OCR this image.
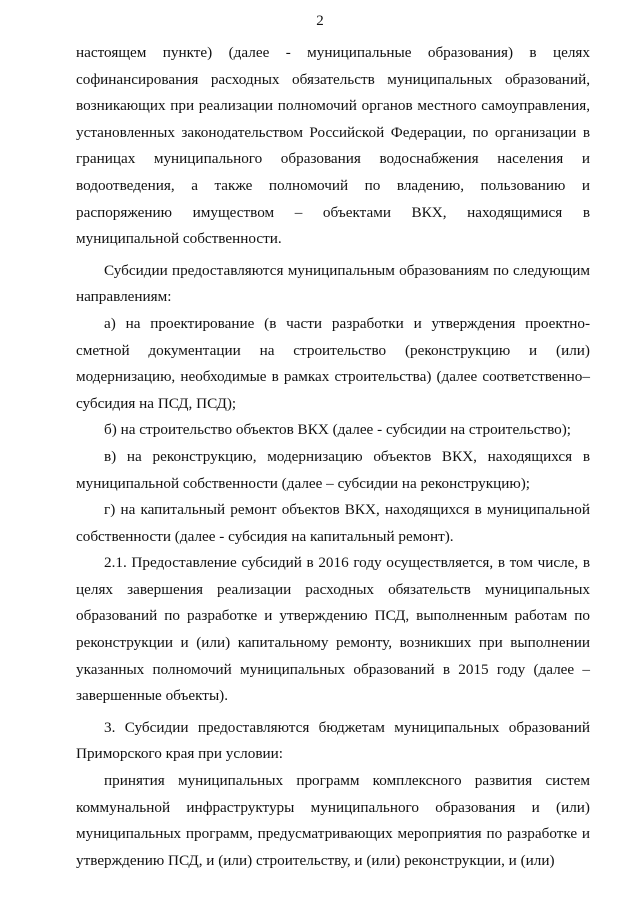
2

настоящем пункте) (далее - муниципальные образования) в целях софинансирования расходных обязательств муниципальных образований, возникающих при реализации полномочий органов местного самоуправления, установленных законодательством Российской Федерации, по организации в границах муниципального образования водоснабжения населения и водоотведения, а также полномочий по владению, пользованию и распоряжению имуществом – объектами ВКХ, находящимися в муниципальной собственности.

Субсидии предоставляются муниципальным образованиям по следующим направлениям:

а) на проектирование (в части разработки и утверждения проектно-сметной документации на строительство (реконструкцию и (или) модернизацию, необходимые в рамках строительства) (далее соответственно– субсидия на ПСД, ПСД);

б) на строительство объектов ВКХ (далее - субсидии на строительство);

в) на реконструкцию, модернизацию объектов ВКХ, находящихся в муниципальной собственности (далее – субсидии на реконструкцию);

г) на капитальный ремонт объектов ВКХ, находящихся в муниципальной собственности (далее - субсидия на капитальный ремонт).

2.1. Предоставление субсидий в 2016 году осуществляется, в том числе, в целях завершения реализации расходных обязательств муниципальных образований по разработке и утверждению ПСД, выполненным работам по реконструкции и (или) капитальному ремонту, возникших при выполнении указанных полномочий муниципальных образований в 2015 году (далее – завершенные объекты).

3. Субсидии предоставляются бюджетам муниципальных образований Приморского края при условии:

принятия муниципальных программ комплексного развития систем коммунальной инфраструктуры муниципального образования и (или) муниципальных программ, предусматривающих мероприятия по разработке и утверждению ПСД, и (или) строительству, и (или) реконструкции, и (или)
